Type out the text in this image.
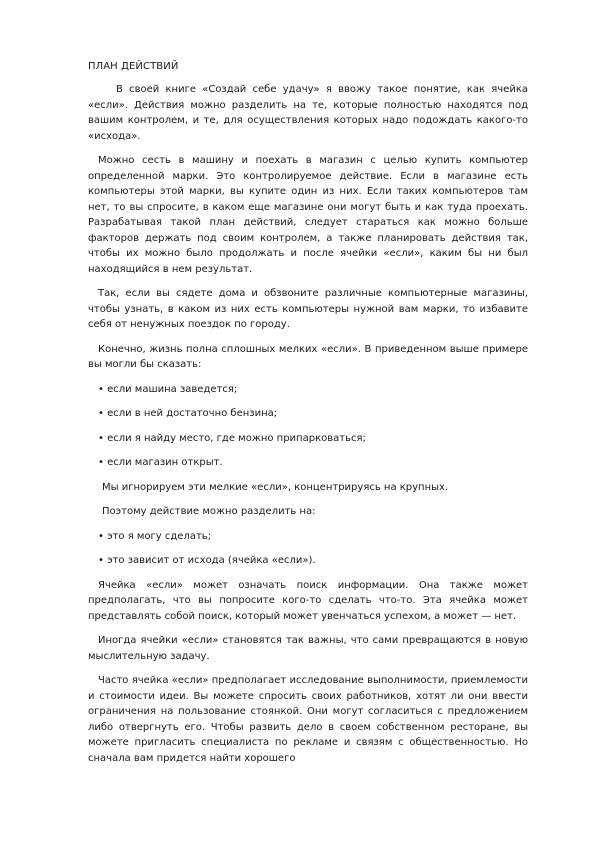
ПЛАН ДЕЙСТВИЙ

В своей книге «Создай себе удачу» я ввожу такое понятие, как ячейка «если». Действия можно разделить на те, которые полностью находятся под вашим контролем, и те, для осуществления которых надо подождать какого-то «исхода».

Можно сесть в машину и поехать в магазин с целью купить компьютер определенной марки. Это контролируемое действие. Если в магазине есть компьютеры этой марки, вы купите один из них. Если таких компьютеров там нет, то вы спросите, в каком еще магазине они могут быть и как туда проехать. Разрабатывая такой план действий, следует стараться как можно больше факторов держать под своим контролем, а также планировать действия так, чтобы их можно было продолжать и после ячейки «если», каким бы ни был находящийся в нем результат.

Так, если вы сядете дома и обзвоните различные компьютерные магазины, чтобы узнать, в каком из них есть компьютеры нужной вам марки, то избавите себя от ненужных поездок по городу.

Конечно, жизнь полна сплошных мелких «если». В приведенном выше примере вы могли бы сказать:

• если машина заведется;

• если в ней достаточно бензина;

• если я найду место, где можно припарковаться;

• если магазин открыт.

Мы игнорируем эти мелкие «если», концентрируясь на крупных.

Поэтому действие можно разделить на:

• это я могу сделать;

• это зависит от исхода (ячейка «если»).

Ячейка «если» может означать поиск информации. Она также может предполагать, что вы попросите кого-то сделать что-то. Эта ячейка может представлять собой поиск, который может увенчаться успехом, а может — нет.

Иногда ячейки «если» становятся так важны, что сами превращаются в новую мыслительную задачу.

Часто ячейка «если» предполагает исследование выполнимости, приемлемости и стоимости идеи. Вы можете спросить своих работников, хотят ли они ввести ограничения на пользование стоянкой. Они могут согласиться с предложением либо отвергнуть его. Чтобы развить дело в своем собственном ресторане, вы можете пригласить специалиста по рекламе и связям с общественностью. Но сначала вам придется найти хорошего
